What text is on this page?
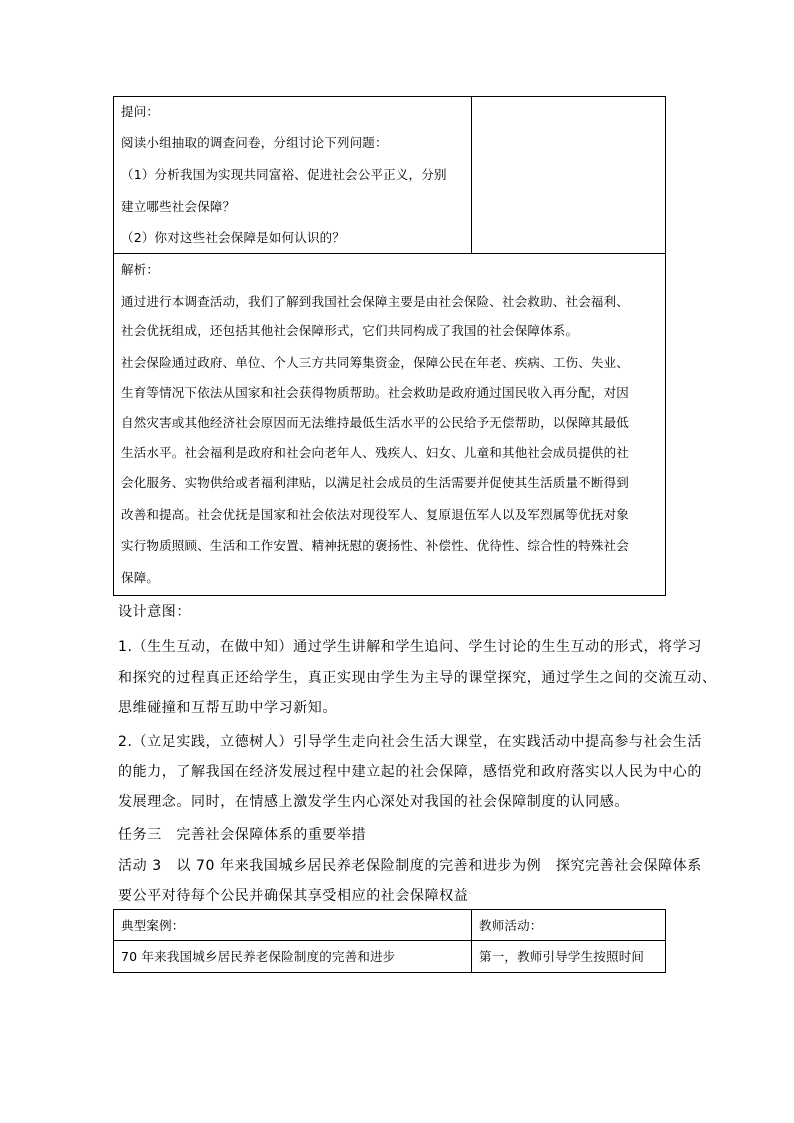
提问：
阅读小组抽取的调查问卷，分组讨论下列问题：
（1）分析我国为实现共同富裕、促进社会公平正义，分别
建立哪些社会保障？
（2）你对这些社会保障是如何认识的？
解析：
通过进行本调查活动，我们了解到我国社会保障主要是由社会保险、社会救助、社会福利、
社会优抚组成，还包括其他社会保障形式，它们共同构成了我国的社会保障体系。
社会保险通过政府、单位、个人三方共同筹集资金，保障公民在年老、疾病、工伤、失业、
生育等情况下依法从国家和社会获得物质帮助。社会救助是政府通过国民收入再分配，对因
自然灾害或其他经济社会原因而无法维持最低生活水平的公民给予无偿帮助，以保障其最低
生活水平。社会福利是政府和社会向老年人、残疾人、妇女、儿童和其他社会成员提供的社
会化服务、实物供给或者福利津贴，以满足社会成员的生活需要并促使其生活质量不断得到
改善和提高。社会优抚是国家和社会依法对现役军人、复原退伍军人以及军烈属等优抚对象
实行物质照顾、生活和工作安置、精神抚慰的褒扬性、补偿性、优待性、综合性的特殊社会
保障。
设计意图：
1.（生生互动，在做中知）通过学生讲解和学生追问、学生讨论的生生互动的形式，将学习
和探究的过程真正还给学生，真正实现由学生为主导的课堂探究，通过学生之间的交流互动、
思维碰撞和互帮互助中学习新知。
2.（立足实践，立德树人）引导学生走向社会生活大课堂，在实践活动中提高参与社会生活
的能力，了解我国在经济发展过程中建立起的社会保障，感悟党和政府落实以人民为中心的
发展理念。同时，在情感上激发学生内心深处对我国的社会保障制度的认同感。
任务三　完善社会保障体系的重要举措
活动 3　以 70 年来我国城乡居民养老保险制度的完善和进步为例　探究完善社会保障体系
要公平对待每个公民并确保其享受相应的社会保障权益
典型案例：
70 年来我国城乡居民养老保险制度的完善和进步
教师活动：
第一，教师引导学生按照时间
